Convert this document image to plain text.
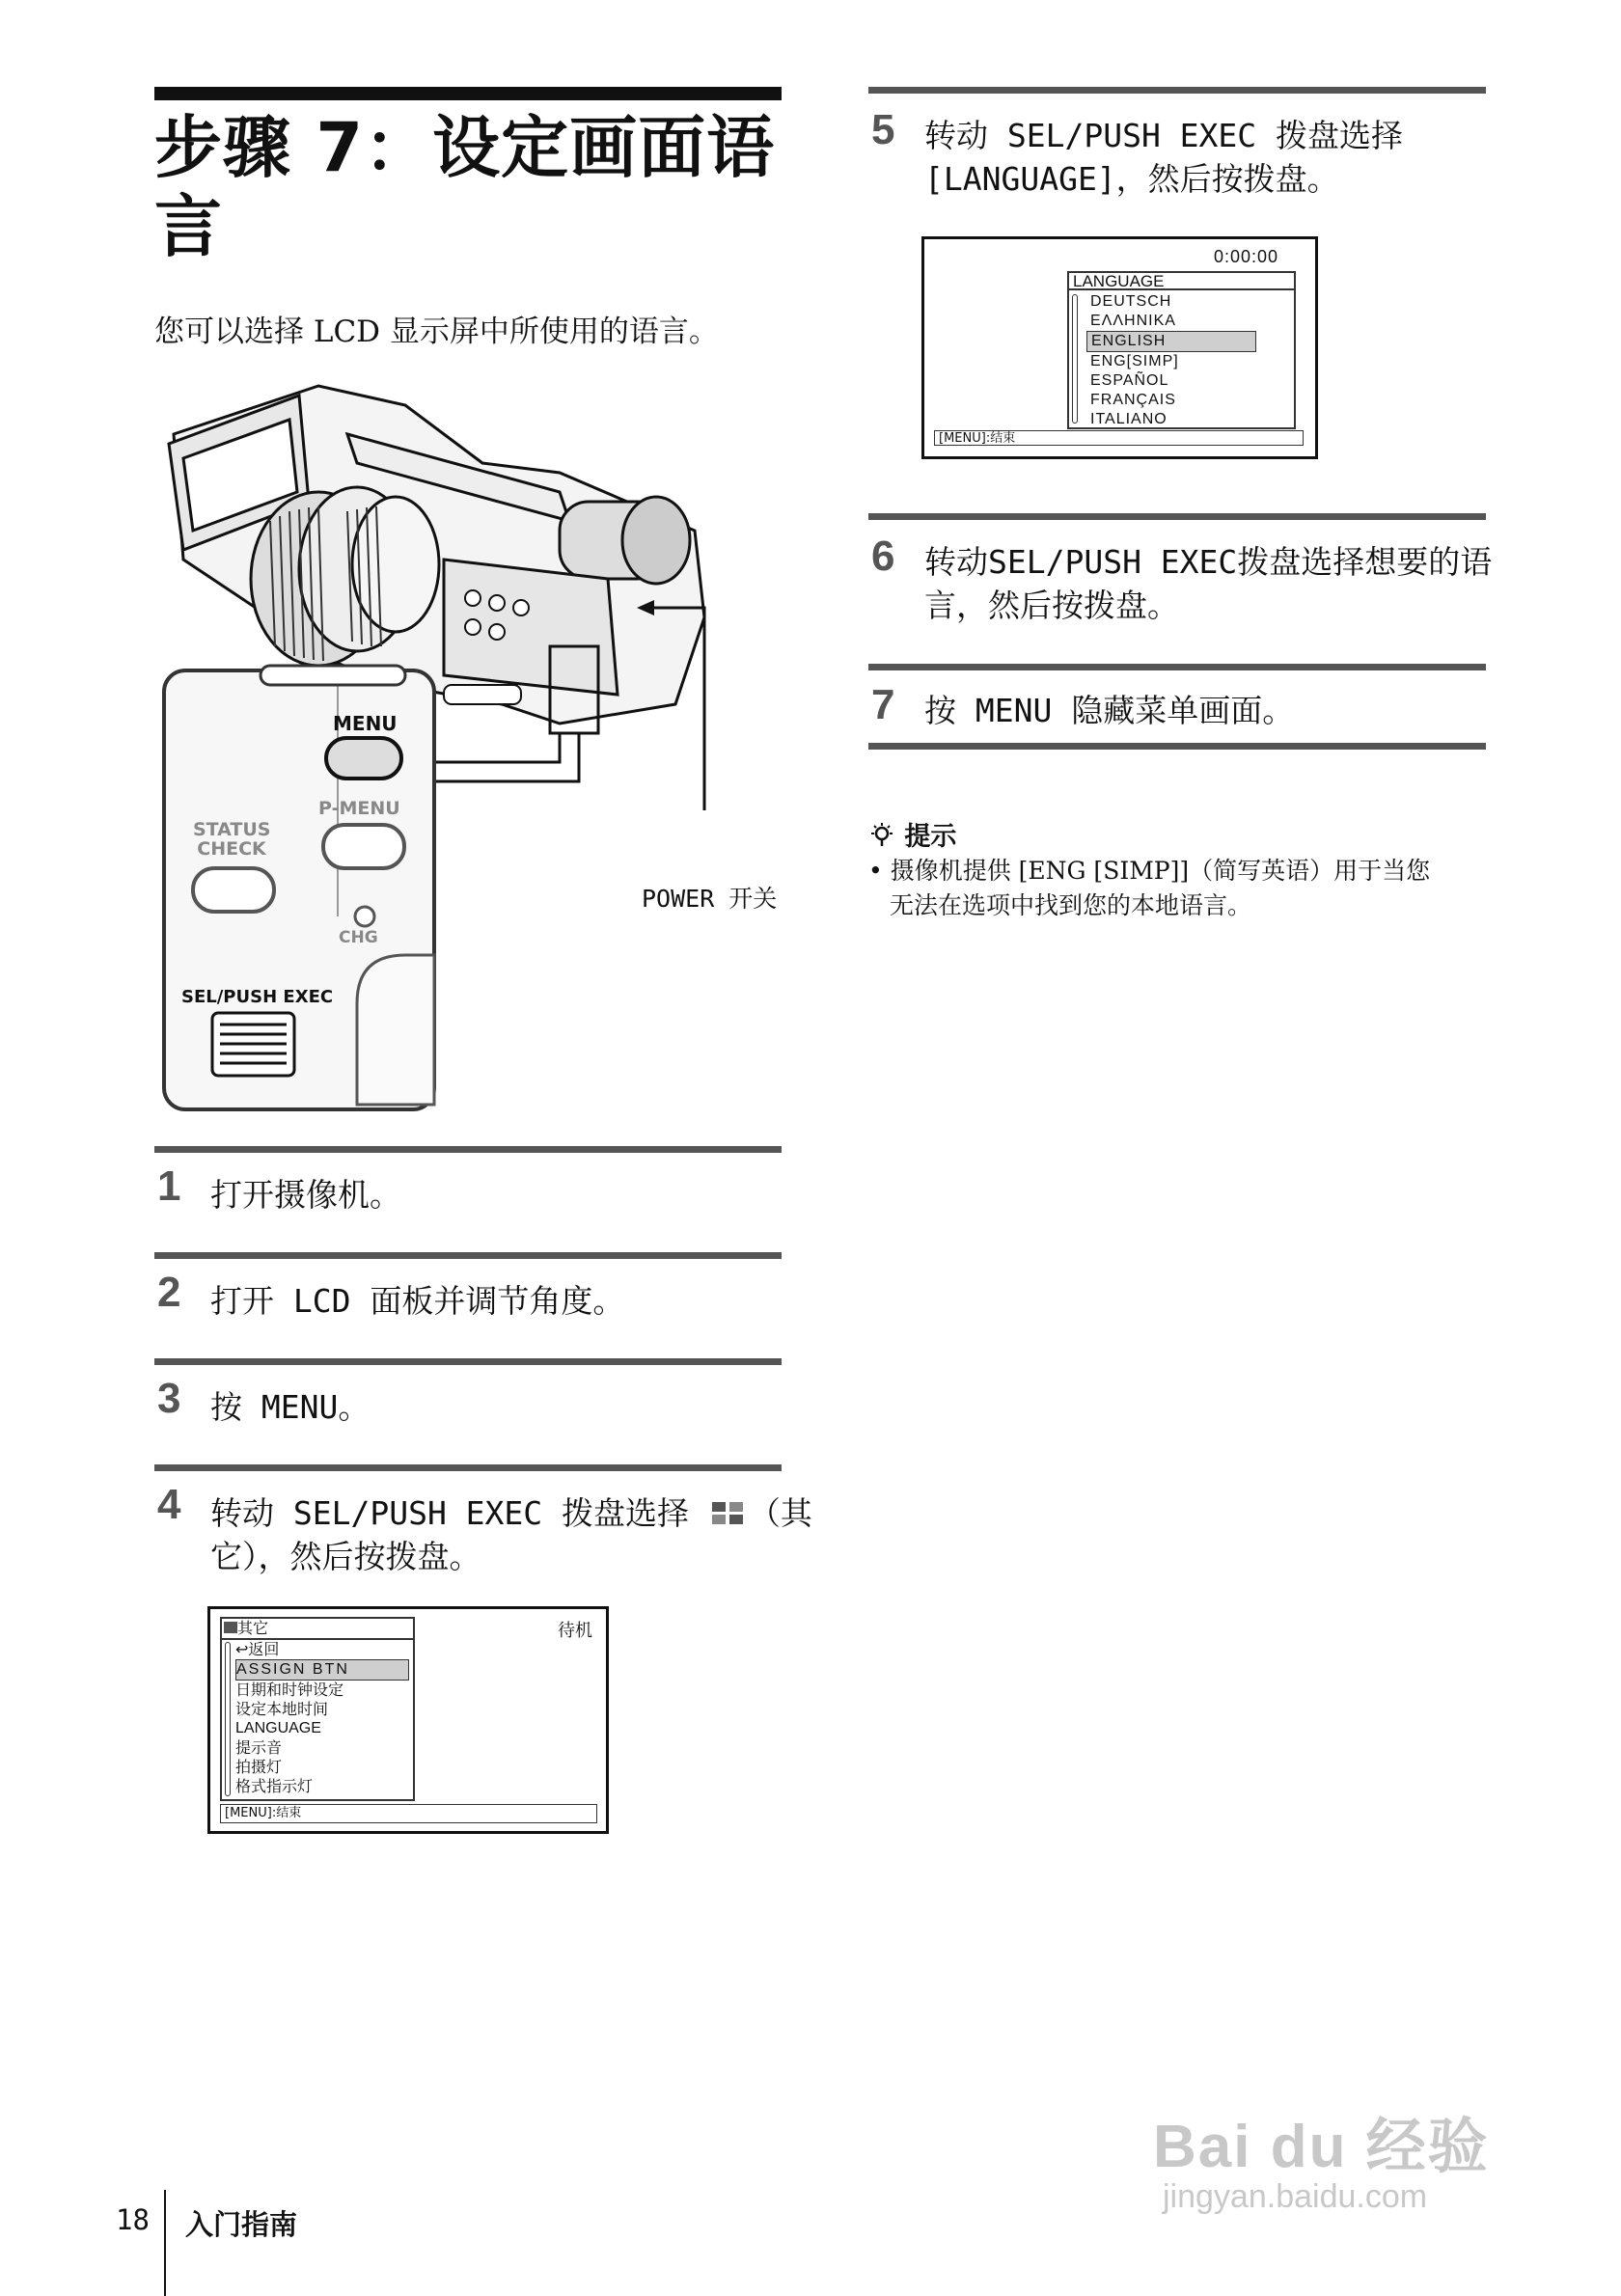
步骤 7：设定画面语
言
您可以选择 LCD 显示屏中所使用的语言。
MENU
P-MENU
STATUS
CHECK
CHG
SEL/PUSH EXEC
POWER 开关
1 打开摄像机。
2 打开 LCD 面板并调节角度。
3 按 MENU。
4 转动 SEL/PUSH EXEC 拨盘选择 （其
它），然后按拨盘。
待机
其它
↩返回
ASSIGN BTN
日期和时钟设定
设定本地时间
LANGUAGE
提示音
拍摄灯
格式指示灯
[MENU]:结束
5 转动 SEL/PUSH EXEC 拨盘选择
[LANGUAGE]，然后按拨盘。
0:00:00
LANGUAGE
DEUTSCH
ΕΛΛΗΝΙΚΑ
ENGLISH
ENG[SIMP]
ESPAÑOL
FRANÇAIS
ITALIANO
[MENU]:结束
6 转动SEL/PUSH EXEC拨盘选择想要的语
言，然后按拨盘。
7 按 MENU 隐藏菜单画面。
提示
• 摄像机提供 [ENG [SIMP]]（简写英语）用于当您
无法在选项中找到您的本地语言。
18 入门指南
Bai du 经验
jingyan.baidu.com
